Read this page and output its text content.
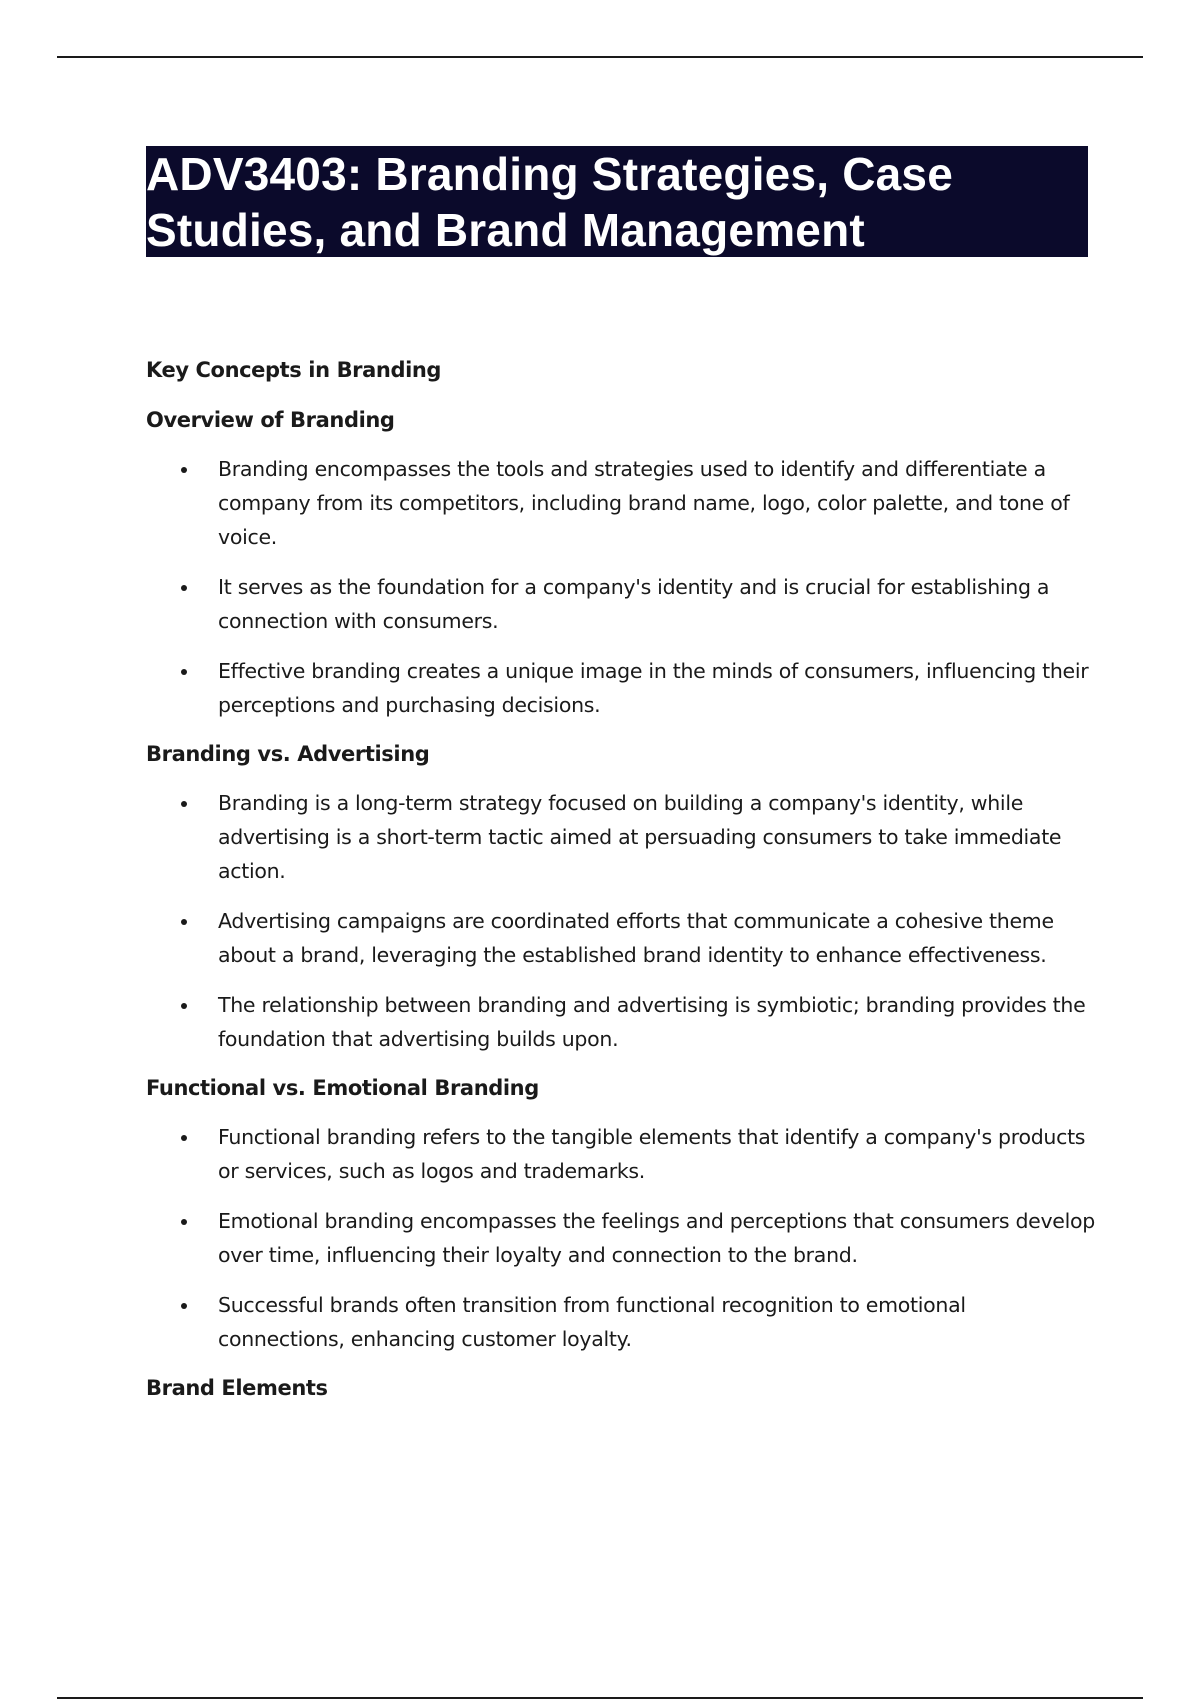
ADV3403: Branding Strategies, Case Studies, and Brand Management

Key Concepts in Branding

Overview of Branding

Branding encompasses the tools and strategies used to identify and differentiate a company from its competitors, including brand name, logo, color palette, and tone of voice.
It serves as the foundation for a company's identity and is crucial for establishing a connection with consumers.
Effective branding creates a unique image in the minds of consumers, influencing their perceptions and purchasing decisions.

Branding vs. Advertising

Branding is a long-term strategy focused on building a company's identity, while advertising is a short-term tactic aimed at persuading consumers to take immediate action.
Advertising campaigns are coordinated efforts that communicate a cohesive theme about a brand, leveraging the established brand identity to enhance effectiveness.
The relationship between branding and advertising is symbiotic; branding provides the foundation that advertising builds upon.

Functional vs. Emotional Branding

Functional branding refers to the tangible elements that identify a company's products or services, such as logos and trademarks.
Emotional branding encompasses the feelings and perceptions that consumers develop over time, influencing their loyalty and connection to the brand.
Successful brands often transition from functional recognition to emotional connections, enhancing customer loyalty.

Brand Elements
